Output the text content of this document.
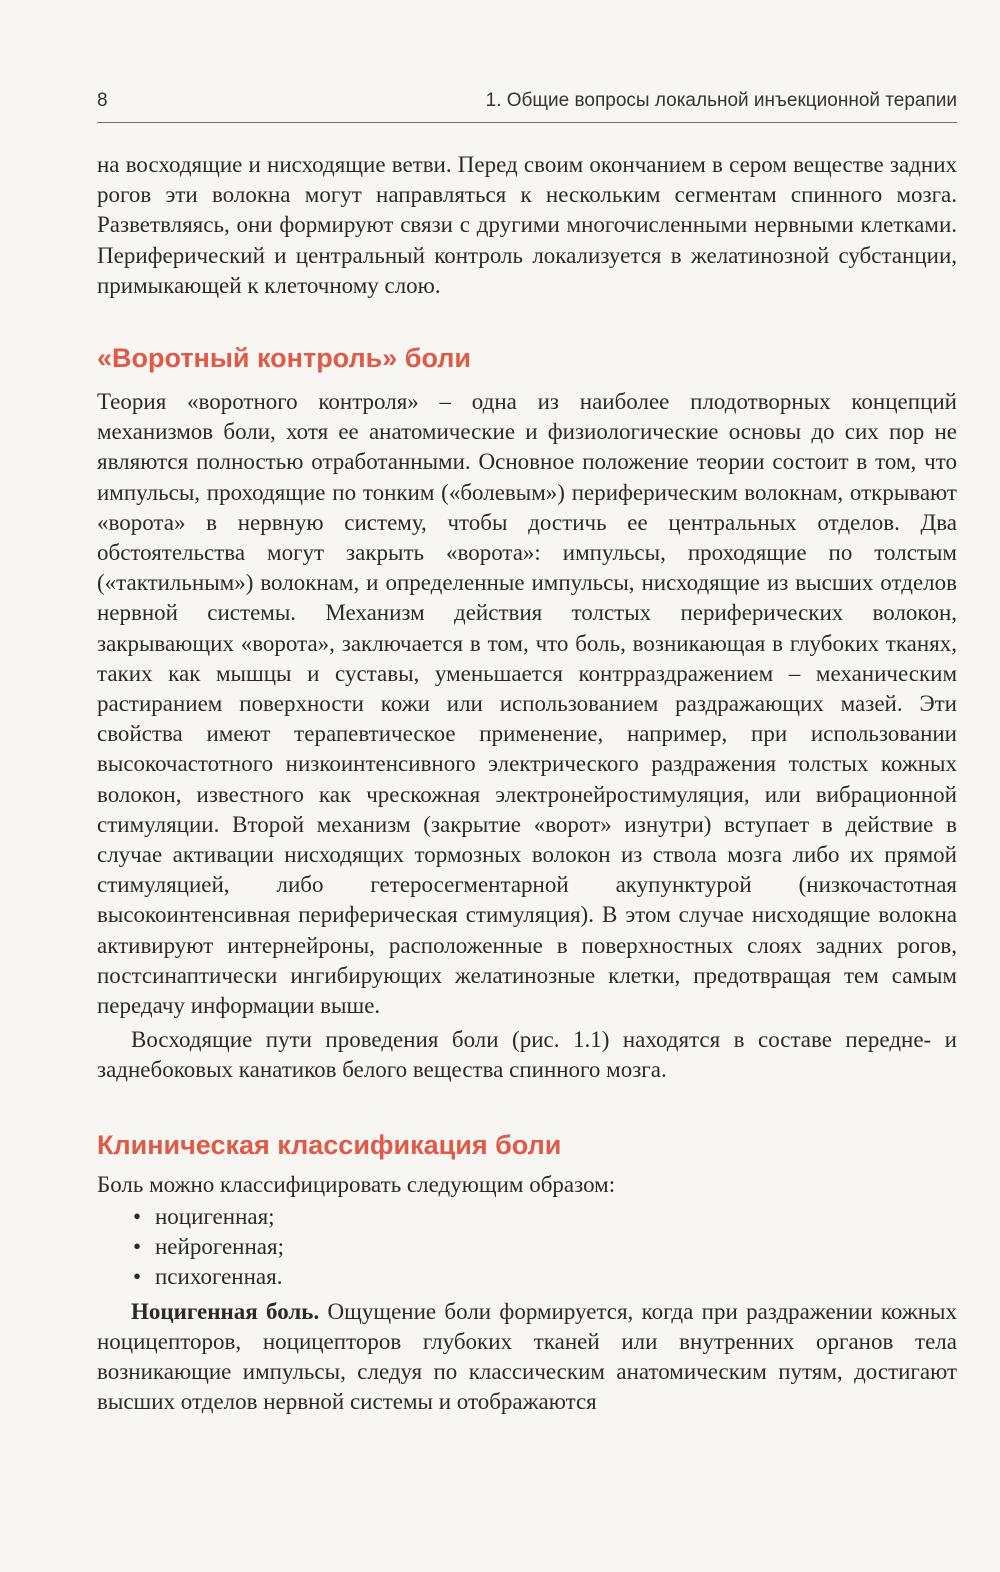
8	1. Общие вопросы локальной инъекционной терапии

на восходящие и нисходящие ветви. Перед своим окончанием в сером веществе задних рогов эти волокна могут направляться к нескольким сегментам спинного мозга. Разветвляясь, они формируют связи с другими многочисленными нервными клетками. Периферический и центральный контроль локализуется в желатинозной субстанции, примыкающей к клеточному слою.

«Воротный контроль» боли

Теория «воротного контроля» – одна из наиболее плодотворных концепций механизмов боли, хотя ее анатомические и физиологические основы до сих пор не являются полностью отработанными. Основное положение теории состоит в том, что импульсы, проходящие по тонким («болевым») периферическим волокнам, открывают «ворота» в нервную систему, чтобы достичь ее центральных отделов. Два обстоятельства могут закрыть «ворота»: импульсы, проходящие по толстым («тактильным») волокнам, и определенные импульсы, нисходящие из высших отделов нервной системы. Механизм действия толстых периферических волокон, закрывающих «ворота», заключается в том, что боль, возникающая в глубоких тканях, таких как мышцы и суставы, уменьшается контрраздражением – механическим растиранием поверхности кожи или использованием раздражающих мазей. Эти свойства имеют терапевтическое применение, например, при использовании высокочастотного низкоинтенсивного электрического раздражения толстых кожных волокон, известного как чрескожная электронейростимуляция, или вибрационной стимуляции. Второй механизм (закрытие «ворот» изнутри) вступает в действие в случае активации нисходящих тормозных волокон из ствола мозга либо их прямой стимуляцией, либо гетеросегментарной акупунктурой (низкочастотная высокоинтенсивная периферическая стимуляция). В этом случае нисходящие волокна активируют интернейроны, расположенные в поверхностных слоях задних рогов, постсинаптически ингибирующих желатинозные клетки, предотвращая тем самым передачу информации выше.

Восходящие пути проведения боли (рис. 1.1) находятся в составе передне- и заднебоковых канатиков белого вещества спинного мозга.

Клиническая классификация боли

Боль можно классифицировать следующим образом:

• ноцигенная;
• нейрогенная;
• психогенная.

Ноцигенная боль. Ощущение боли формируется, когда при раздражении кожных ноцицепторов, ноцицепторов глубоких тканей или внутренних органов тела возникающие импульсы, следуя по классическим анатомическим путям, достигают высших отделов нервной системы и отображаются
